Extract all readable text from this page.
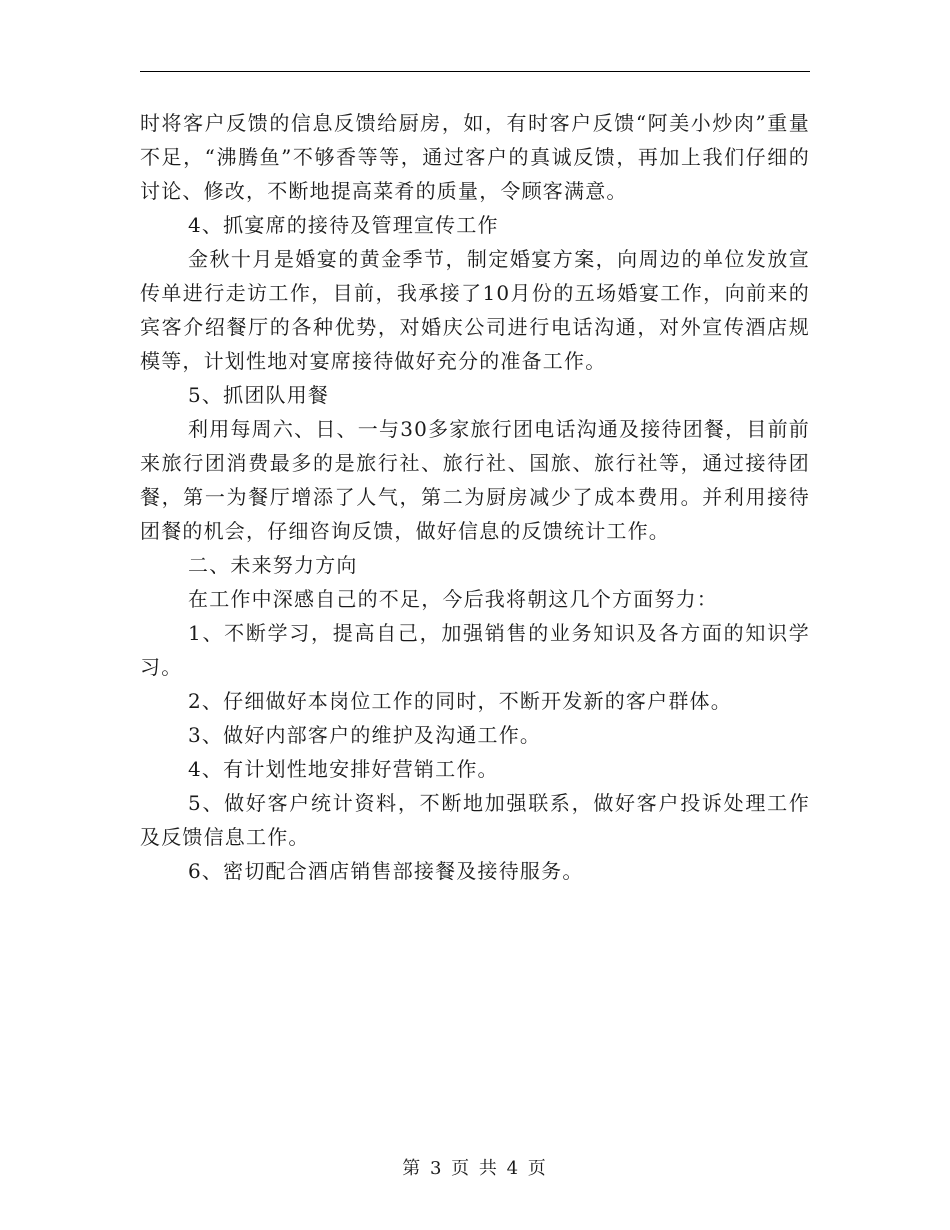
时将客户反馈的信息反馈给厨房，如，有时客户反馈“阿美小炒肉”重量不足，“沸腾鱼”不够香等等，通过客户的真诚反馈，再加上我们仔细的讨论、修改，不断地提高菜肴的质量，令顾客满意。

4、抓宴席的接待及管理宣传工作

金秋十月是婚宴的黄金季节，制定婚宴方案，向周边的单位发放宣传单进行走访工作，目前，我承接了10月份的五场婚宴工作，向前来的宾客介绍餐厅的各种优势，对婚庆公司进行电话沟通，对外宣传酒店规模等，计划性地对宴席接待做好充分的准备工作。

5、抓团队用餐

利用每周六、日、一与30多家旅行团电话沟通及接待团餐，目前前来旅行团消费最多的是旅行社、旅行社、国旅、旅行社等，通过接待团餐，第一为餐厅增添了人气，第二为厨房减少了成本费用。并利用接待团餐的机会，仔细咨询反馈，做好信息的反馈统计工作。

二、未来努力方向

在工作中深感自己的不足，今后我将朝这几个方面努力：

1、不断学习，提高自己，加强销售的业务知识及各方面的知识学习。

2、仔细做好本岗位工作的同时，不断开发新的客户群体。

3、做好内部客户的维护及沟通工作。

4、有计划性地安排好营销工作。

5、做好客户统计资料，不断地加强联系，做好客户投诉处理工作及反馈信息工作。

6、密切配合酒店销售部接餐及接待服务。

第 3 页 共 4 页
